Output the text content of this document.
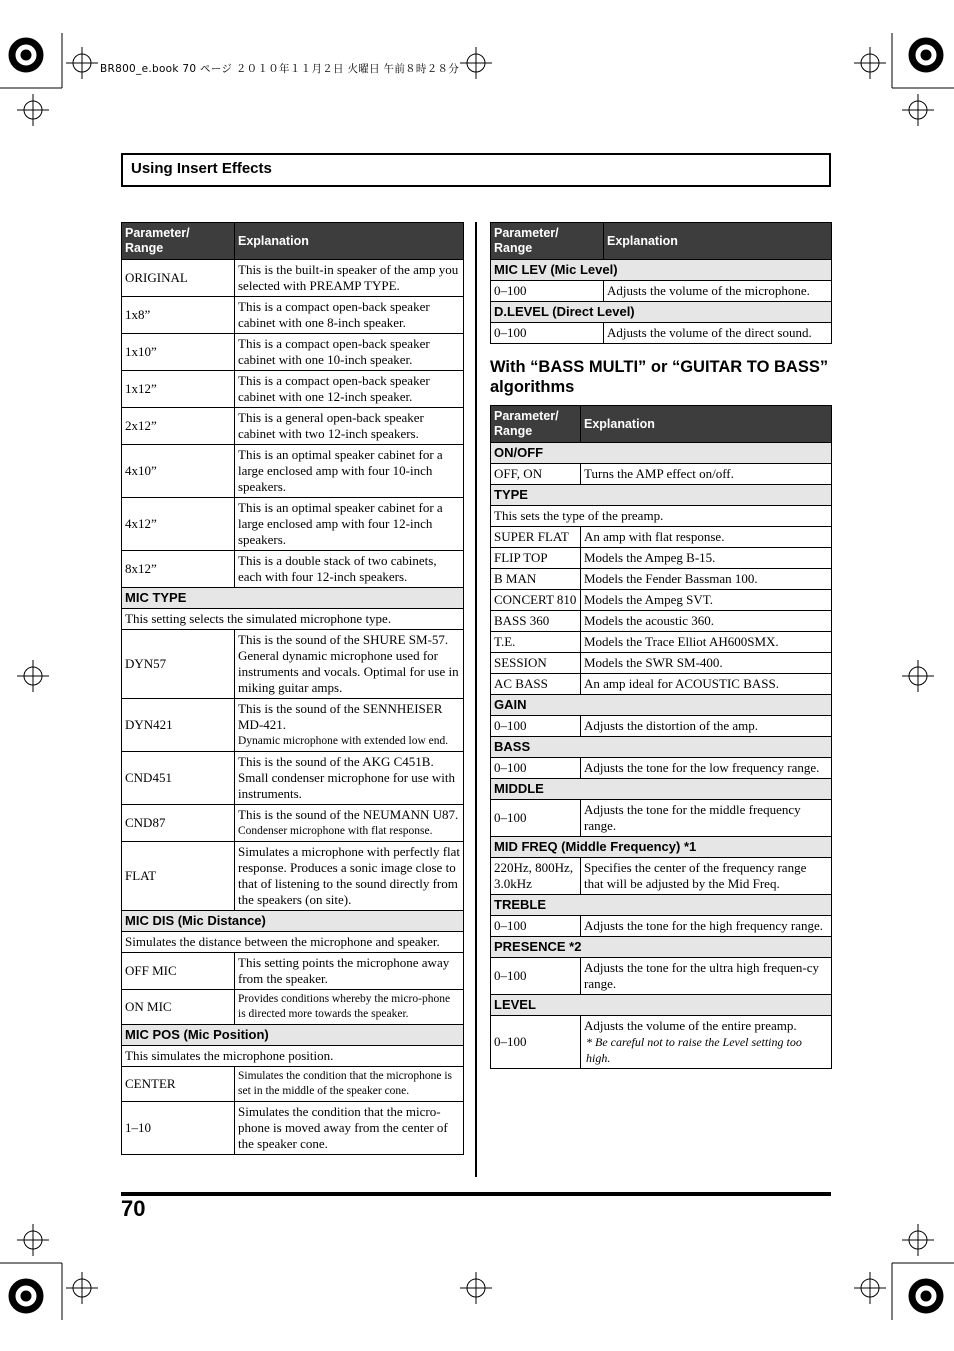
BR800_e.book 70 ページ ２０１０年１１月２日 火曜日 午前８時２８分
Using Insert Effects
Parameter/
Range	Explanation
ORIGINAL	This is the built-in speaker of the amp you selected with PREAMP TYPE.
1x8”	This is a compact open-back speaker cabinet with one 8-inch speaker.
1x10”	This is a compact open-back speaker cabinet with one 10-inch speaker.
1x12”	This is a compact open-back speaker cabinet with one 12-inch speaker.
2x12”	This is a general open-back speaker cabinet with two 12-inch speakers.
4x10”	This is an optimal speaker cabinet for a large enclosed amp with four 10-inch speakers.
4x12”	This is an optimal speaker cabinet for a large enclosed amp with four 12-inch speakers.
8x12”	This is a double stack of two cabinets, each with four 12-inch speakers.
MIC TYPE	
This setting selects the simulated microphone type.	
DYN57	This is the sound of the SHURE SM-57. General dynamic microphone used for instruments and vocals. Optimal for use in miking guitar amps.
DYN421	This is the sound of the SENNHEISER MD-421.
Dynamic microphone with extended low end.

CND451	This is the sound of the AKG C451B. Small condenser microphone for use with instruments.
CND87	This is the sound of the NEUMANN U87.
Condenser microphone with flat response.

FLAT	Simulates a microphone with perfectly flat response. Produces a sonic image close to that of listening to the sound directly from the speakers (on site).
MIC DIS (Mic Distance)	
Simulates the distance between the microphone and speaker.	
OFF MIC	This setting points the microphone away from the speaker.
ON MIC	Provides conditions whereby the micro-phone is directed more towards the speaker.
MIC POS (Mic Position)	
This simulates the microphone position.	
CENTER	Simulates the condition that the microphone is set in the middle of the speaker cone.
1–10	Simulates the condition that the micro-phone is moved away from the center of the speaker cone.
Parameter/
Range	Explanation
MIC LEV (Mic Level)	
0–100	Adjusts the volume of the microphone.
D.LEVEL (Direct Level)	
0–100	Adjusts the volume of the direct sound.
With “BASS MULTI” or “GUITAR TO BASS” algorithms
Parameter/
Range	Explanation
ON/OFF	
OFF, ON	Turns the AMP effect on/off.
TYPE	
This sets the type of the preamp.	
SUPER FLAT	An amp with flat response.
FLIP TOP	Models the Ampeg B-15.
B MAN	Models the Fender Bassman 100.
CONCERT 810	Models the Ampeg SVT.
BASS 360	Models the acoustic 360.
T.E.	Models the Trace Elliot AH600SMX.
SESSION	Models the SWR SM-400.
AC BASS	An amp ideal for ACOUSTIC BASS.
GAIN	
0–100	Adjusts the distortion of the amp.
BASS	
0–100	Adjusts the tone for the low frequency range.
MIDDLE	
0–100	Adjusts the tone for the middle frequency range.
MID FREQ (Middle Frequency) *1	
220Hz, 800Hz, 3.0kHz	Specifies the center of the frequency range that will be adjusted by the Mid Freq.
TREBLE	
0–100	Adjusts the tone for the high frequency range.
PRESENCE *2	
0–100	Adjusts the tone for the ultra high frequen-cy range.
LEVEL	
0–100	Adjusts the volume of the entire preamp.
* Be careful not to raise the Level setting too high.
70
